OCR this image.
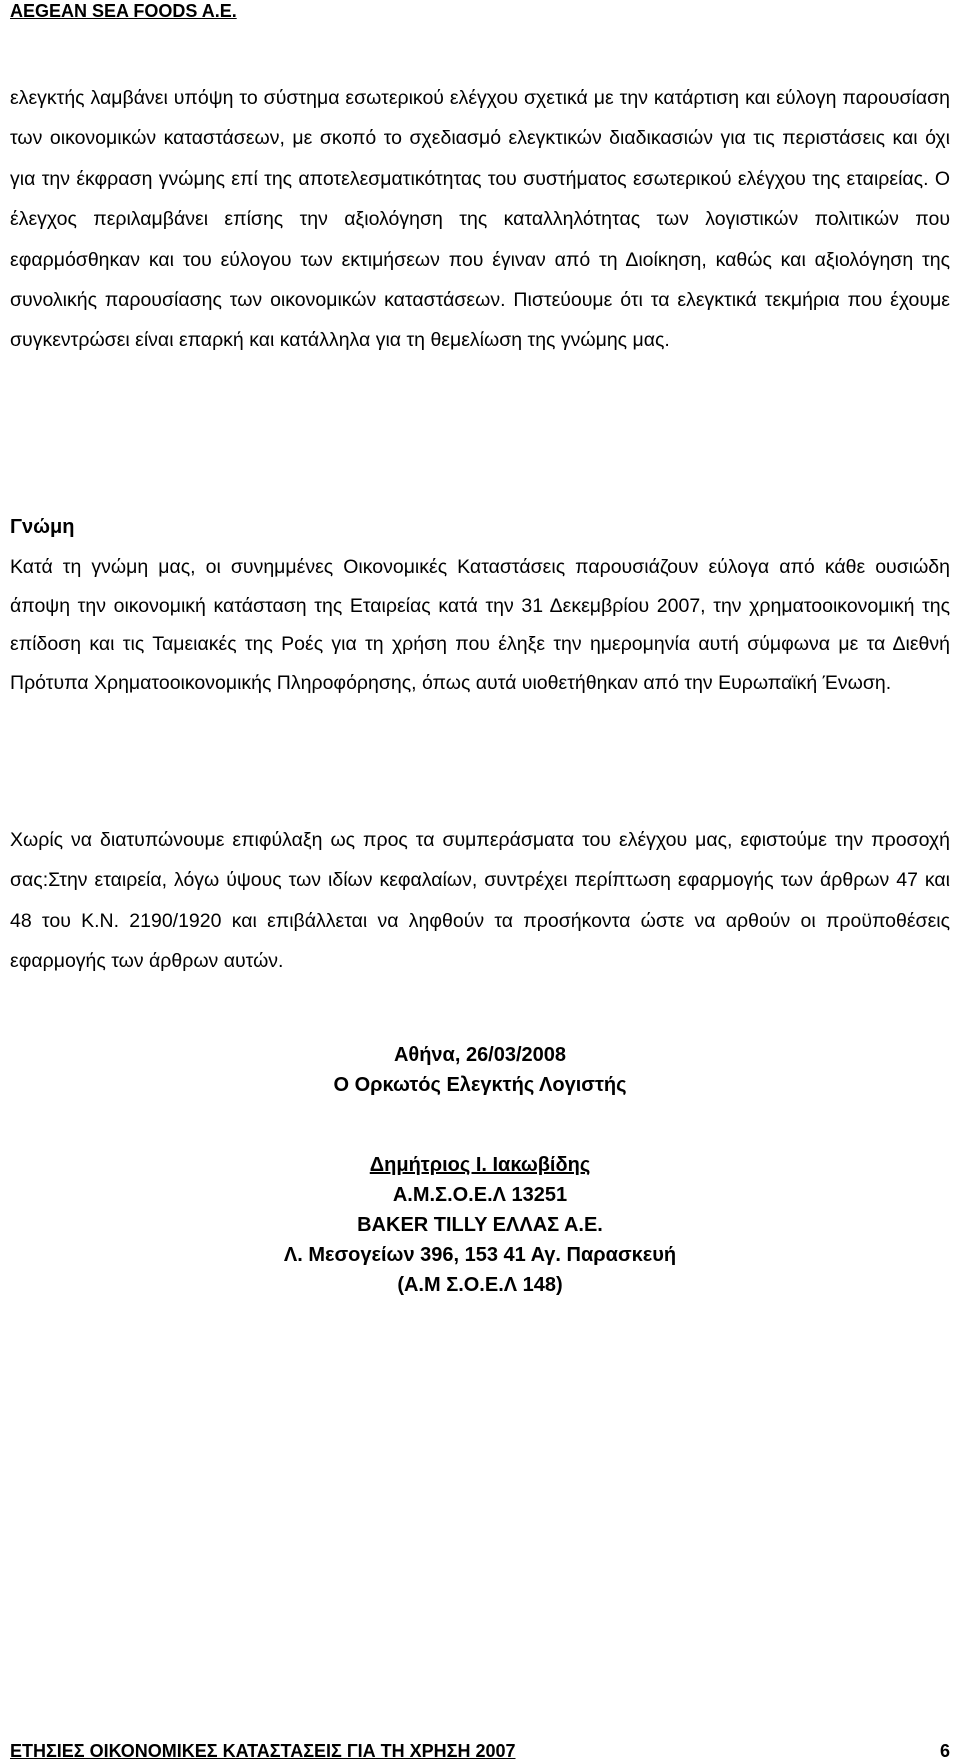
AEGEAN SEA FOODS A.E.
ελεγκτής λαμβάνει υπόψη το σύστημα εσωτερικού ελέγχου σχετικά με την κατάρτιση και εύλογη παρουσίαση των οικονομικών καταστάσεων, με σκοπό το σχεδιασμό ελεγκτικών διαδικασιών για τις περιστάσεις και όχι για την έκφραση γνώμης επί της αποτελεσματικότητας του συστήματος εσωτερικού ελέγχου της εταιρείας. Ο έλεγχος περιλαμβάνει επίσης την αξιολόγηση της καταλληλότητας των λογιστικών πολιτικών που εφαρμόσθηκαν και του εύλογου των εκτιμήσεων που έγιναν από τη Διοίκηση, καθώς και αξιολόγηση της συνολικής παρουσίασης των οικονομικών καταστάσεων. Πιστεύουμε ότι τα ελεγκτικά τεκμήρια που έχουμε συγκεντρώσει είναι επαρκή και κατάλληλα για τη θεμελίωση της γνώμης μας.
Γνώμη
Κατά τη γνώμη μας, οι συνημμένες Οικονομικές Καταστάσεις παρουσιάζουν εύλογα από κάθε ουσιώδη άποψη την οικονομική κατάσταση της Εταιρείας κατά την 31 Δεκεμβρίου 2007, την χρηματοοικονομική της επίδοση και τις Ταμειακές της Ροές για τη χρήση που έληξε την ημερομηνία αυτή σύμφωνα με τα Διεθνή Πρότυπα Χρηματοοικονομικής Πληροφόρησης, όπως αυτά υιοθετήθηκαν από την Ευρωπαϊκή Ένωση.
Χωρίς να διατυπώνουμε επιφύλαξη ως προς τα συμπεράσματα του ελέγχου μας, εφιστούμε την προσοχή σας:Στην εταιρεία, λόγω ύψους των ιδίων κεφαλαίων, συντρέχει περίπτωση εφαρμογής των άρθρων 47 και 48 του Κ.Ν. 2190/1920 και επιβάλλεται να ληφθούν τα προσήκοντα ώστε να αρθούν οι προϋποθέσεις εφαρμογής των άρθρων αυτών.
Αθήνα, 26/03/2008
Ο Ορκωτός Ελεγκτής Λογιστής
Δημήτριος Ι. Ιακωβίδης
Α.Μ.Σ.Ο.Ε.Λ 13251
BAKER TILLY ΕΛΛΑΣ Α.Ε.
Λ. Μεσογείων 396, 153 41 Αγ. Παρασκευή
(Α.Μ Σ.Ο.Ε.Λ 148)
ΕΤΗΣΙΕΣ ΟΙΚΟΝΟΜΙΚΕΣ ΚΑΤΑΣΤΑΣΕΙΣ ΓΙΑ ΤΗ ΧΡΗΣΗ 2007	6
